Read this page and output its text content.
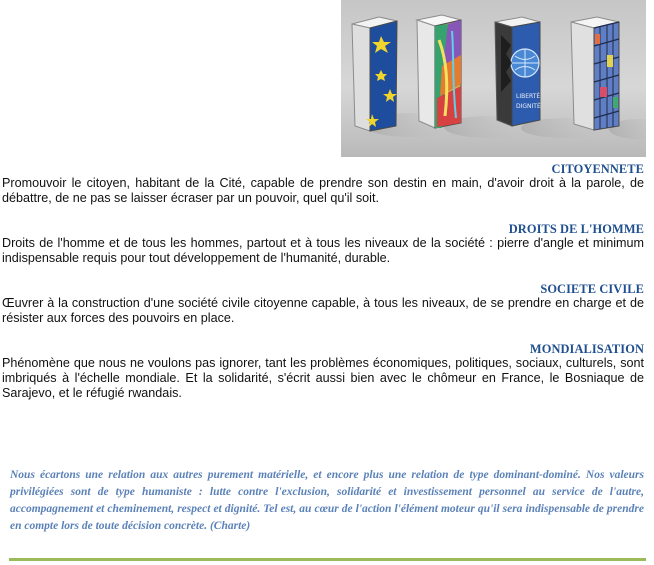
LIBERTÉ
DIGNITÉ
CITOYENNETE

Promouvoir le citoyen, habitant de la Cité, capable de prendre son destin en main, d'avoir droit à la parole, de débattre, de ne pas se laisser écraser par un pouvoir, quel qu'il soit.

DROITS DE L'HOMME

Droits de l'homme et de tous les hommes, partout et à tous les niveaux de la société : pierre d'angle et minimum indispensable requis pour tout développement de l'humanité, durable.

SOCIETE CIVILE

Œuvrer à la construction d'une société civile citoyenne capable, à tous les niveaux, de se prendre en charge et de résister aux forces des pouvoirs en place.

MONDIALISATION

Phénomène que nous ne voulons pas ignorer, tant les problèmes économiques, politiques, sociaux, culturels, sont imbriqués à l'échelle mondiale. Et la solidarité, s'écrit aussi bien avec le chômeur en France, le Bosniaque de Sarajevo, et le réfugié rwandais.

Nous écartons une relation aux autres purement matérielle, et encore plus une relation de type dominant-dominé. Nos valeurs privilégiées sont de type humaniste : lutte contre l'exclusion, solidarité et investissement personnel au service de l'autre, accompagnement et cheminement, respect et dignité. Tel est, au cœur de l'action l'élément moteur qu'il sera indispensable de prendre en compte lors de toute décision concrète. (Charte)
